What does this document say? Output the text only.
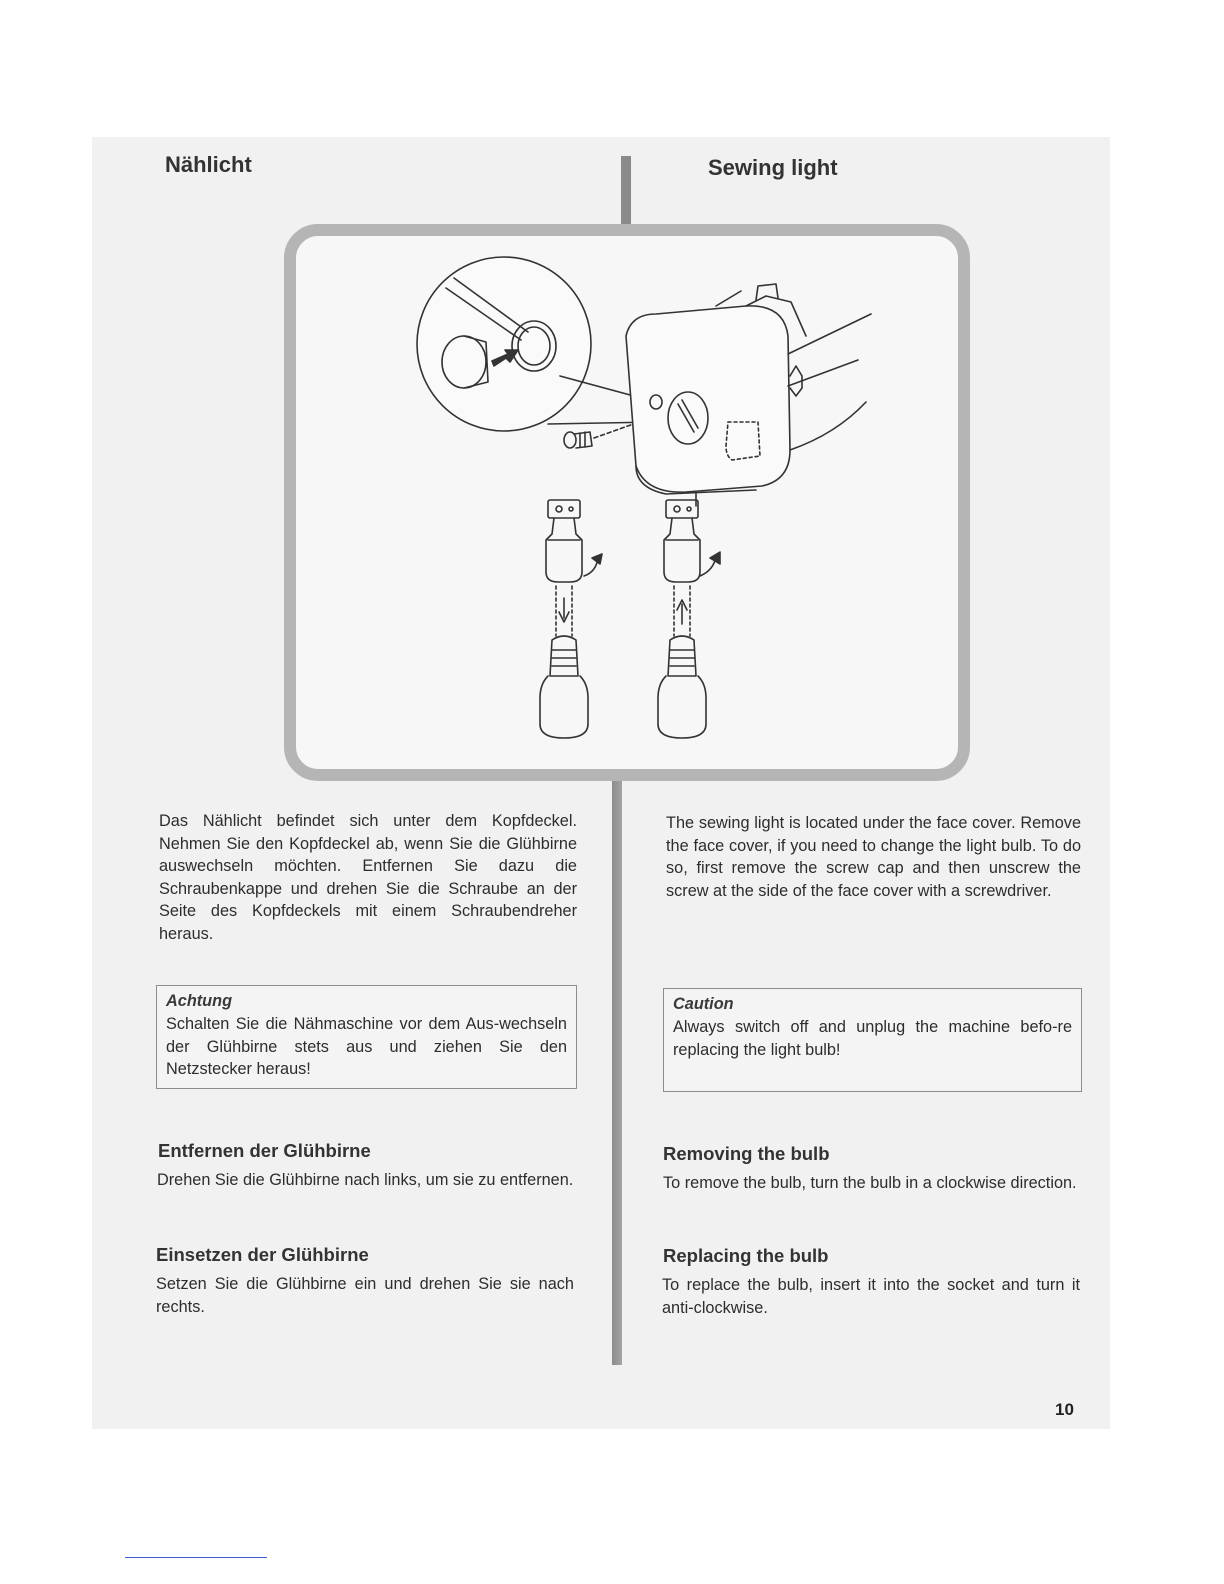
Nählicht	Sewing light
Das Nählicht befindet sich unter dem Kopfdeckel. Nehmen Sie den Kopfdeckel ab, wenn Sie die Glühbirne auswechseln möchten. Entfernen Sie dazu die Schraubenkappe und drehen Sie die Schraube an der Seite des Kopfdeckels mit einem Schraubendreher heraus.
The sewing light is located under the face cover. Remove the face cover, if you need to change the light bulb. To do so, first remove the screw cap and then unscrew the screw at the side of the face cover with a screwdriver.
Achtung
Schalten Sie die Nähmaschine vor dem Aus-wechseln der Glühbirne stets aus und ziehen Sie den Netzstecker heraus!
Caution
Always switch off and unplug the machine befo-re replacing the light bulb!
Entfernen der Glühbirne
Drehen Sie die Glühbirne nach links, um sie zu entfernen.
Removing the bulb
To remove the bulb, turn the bulb in a clockwise direction.
Einsetzen der Glühbirne
Setzen Sie die Glühbirne ein und drehen Sie sie nach rechts.
Replacing the bulb
To replace the bulb, insert it into the socket and turn it anti-clockwise.
10
